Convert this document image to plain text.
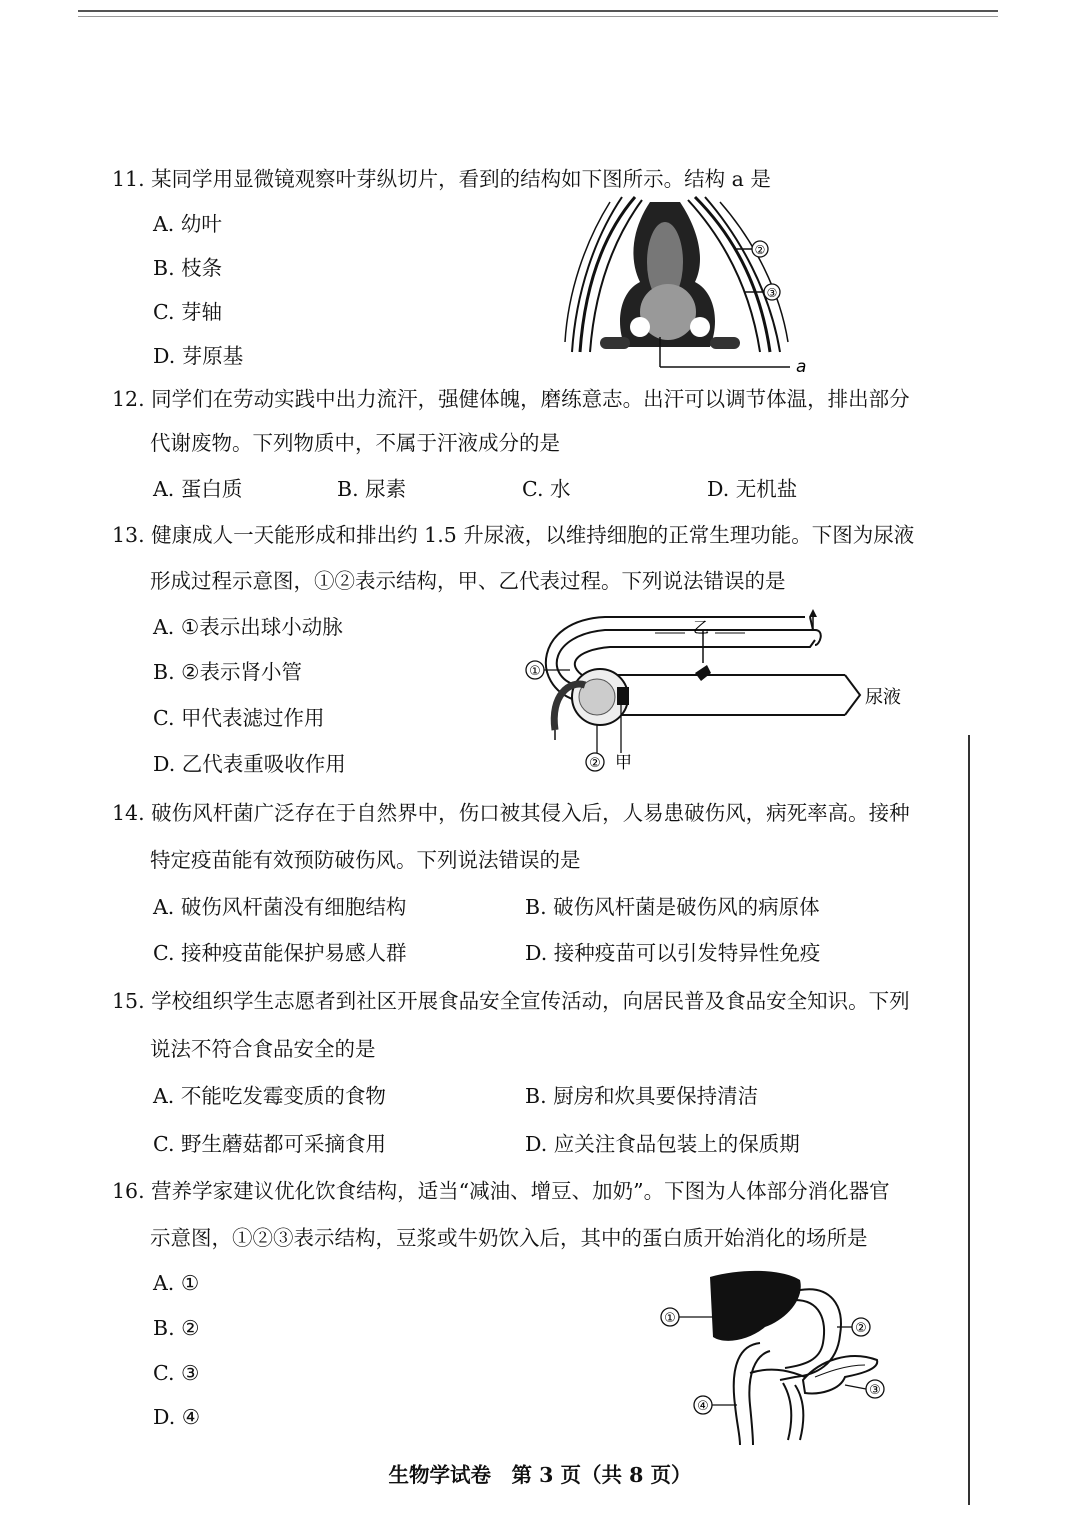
11. 某同学用显微镜观察叶芽纵切片，看到的结构如下图所示。结构 a 是
A. 幼叶
B. 枝条
C. 芽轴
D. 芽原基
②
③
a
12. 同学们在劳动实践中出力流汗，强健体魄，磨练意志。出汗可以调节体温，排出部分
代谢废物。下列物质中，不属于汗液成分的是
A. 蛋白质	B. 尿素	C. 水	D. 无机盐
13. 健康成人一天能形成和排出约 1.5 升尿液，以维持细胞的正常生理功能。下图为尿液
形成过程示意图，①②表示结构，甲、乙代表过程。下列说法错误的是
A. ①表示出球小动脉
B. ②表示肾小管
C. 甲代表滤过作用
D. 乙代表重吸收作用
①
② 甲
乙
尿液
14. 破伤风杆菌广泛存在于自然界中，伤口被其侵入后，人易患破伤风，病死率高。接种
特定疫苗能有效预防破伤风。下列说法错误的是
A. 破伤风杆菌没有细胞结构	B. 破伤风杆菌是破伤风的病原体
C. 接种疫苗能保护易感人群	D. 接种疫苗可以引发特异性免疫
15. 学校组织学生志愿者到社区开展食品安全宣传活动，向居民普及食品安全知识。下列
说法不符合食品安全的是
A. 不能吃发霉变质的食物	B. 厨房和炊具要保持清洁
C. 野生蘑菇都可采摘食用	D. 应关注食品包装上的保质期
16. 营养学家建议优化饮食结构，适当“减油、增豆、加奶”。下图为人体部分消化器官
示意图，①②③表示结构，豆浆或牛奶饮入后，其中的蛋白质开始消化的场所是
A. ①
B. ②
C. ③
D. ④
①
②
③
④
生物学试卷　第 3 页（共 8 页）
